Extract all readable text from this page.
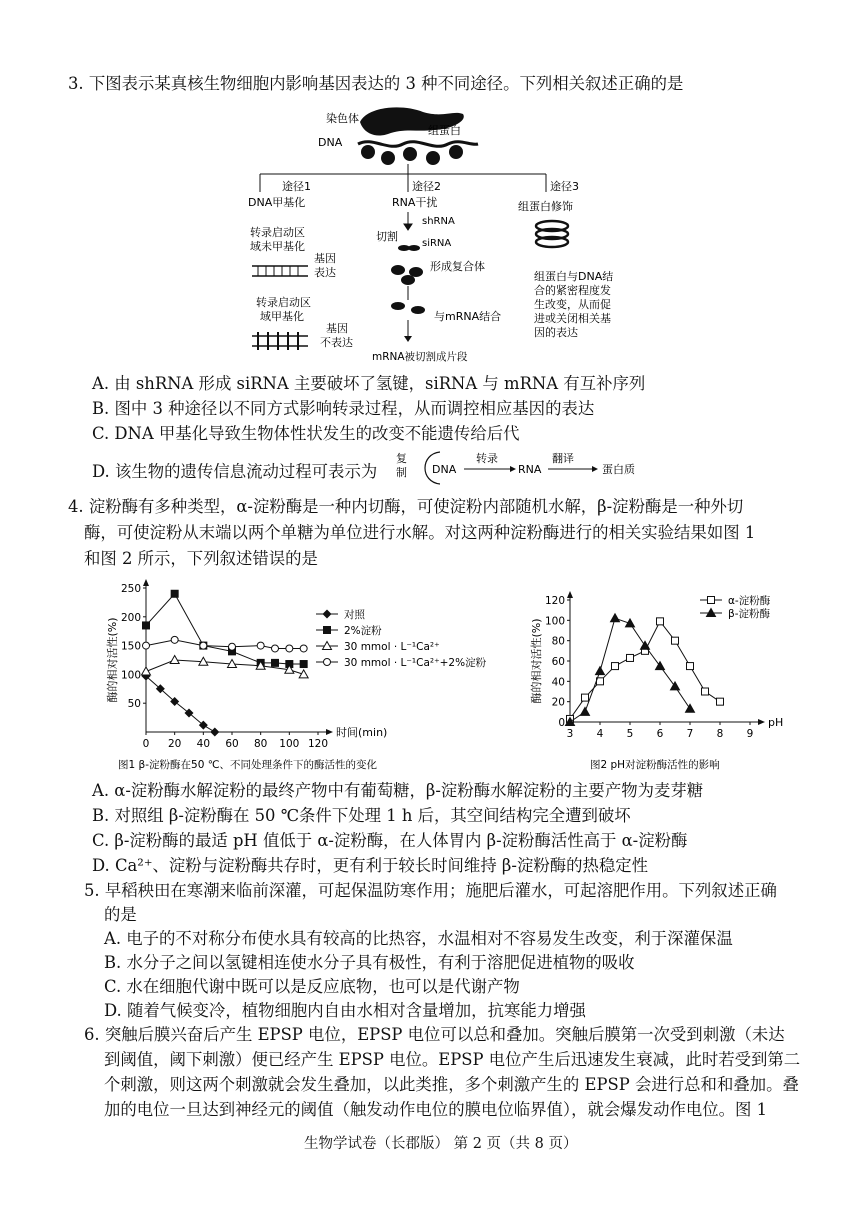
3. 下图表示某真核生物细胞内影响基因表达的 3 种不同途径。下列相关叙述正确的是
DNA
染色体
组蛋白
途径1	途径2	途径3
DNA甲基化
转录启动区
域未甲基化
基因
表达
转录启动区
域甲基化
基因
不表达
RNA干扰
shRNA
切割
siRNA
形成复合体
与mRNA结合
mRNA被切割成片段
组蛋白修饰
组蛋白与DNA结
合的紧密程度发
生改变，从而促
进或关闭相关基
因的表达
A. 由 shRNA 形成 siRNA 主要破坏了氢键，siRNA 与 mRNA 有互补序列
B. 图中 3 种途径以不同方式影响转录过程，从而调控相应基因的表达
C. DNA 甲基化导致生物体性状发生的改变不能遗传给后代
D. 该生物的遗传信息流动过程可表示为
复
制 DNA
转录
RNA
翻译
蛋白质
4. 淀粉酶有多种类型，α-淀粉酶是一种内切酶，可使淀粉内部随机水解，β-淀粉酶是一种外切
酶，可使淀粉从末端以两个单糖为单位进行水解。对这两种淀粉酶进行的相关实验结果如图 1
和图 2 所示，下列叙述错误的是
0 20 40 60 80 100 120
50
100
150
200
250
酶的相对活性(%)
时间(min)
对照
2%淀粉
30 mmol · L⁻¹Ca²⁺
30 mmol · L⁻¹Ca²⁺+2%淀粉
图1 β-淀粉酶在50 ℃、不同处理条件下的酶活性的变化
3 4 5 6 7 8 9
0
20
40
60
80
100
120
酶的相对活性(%)
pH
α-淀粉酶
β-淀粉酶
图2 pH对淀粉酶活性的影响
A. α-淀粉酶水解淀粉的最终产物中有葡萄糖，β-淀粉酶水解淀粉的主要产物为麦芽糖
B. 对照组 β-淀粉酶在 50 ℃条件下处理 1 h 后，其空间结构完全遭到破坏
C. β-淀粉酶的最适 pH 值低于 α-淀粉酶，在人体胃内 β-淀粉酶活性高于 α-淀粉酶
D. Ca²⁺、淀粉与淀粉酶共存时，更有利于较长时间维持 β-淀粉酶的热稳定性
5. 早稻秧田在寒潮来临前深灌，可起保温防寒作用；施肥后灌水，可起溶肥作用。下列叙述正确
的是
A. 电子的不对称分布使水具有较高的比热容，水温相对不容易发生改变，利于深灌保温
B. 水分子之间以氢键相连使水分子具有极性，有利于溶肥促进植物的吸收
C. 水在细胞代谢中既可以是反应底物，也可以是代谢产物
D. 随着气候变冷，植物细胞内自由水相对含量增加，抗寒能力增强
6. 突触后膜兴奋后产生 EPSP 电位，EPSP 电位可以总和叠加。突触后膜第一次受到刺激（未达
到阈值，阈下刺激）便已经产生 EPSP 电位。EPSP 电位产生后迅速发生衰减，此时若受到第二
个刺激，则这两个刺激就会发生叠加，以此类推，多个刺激产生的 EPSP 会进行总和和叠加。叠
加的电位一旦达到神经元的阈值（触发动作电位的膜电位临界值），就会爆发动作电位。图 1
生物学试卷（长郡版） 第 2 页（共 8 页）
